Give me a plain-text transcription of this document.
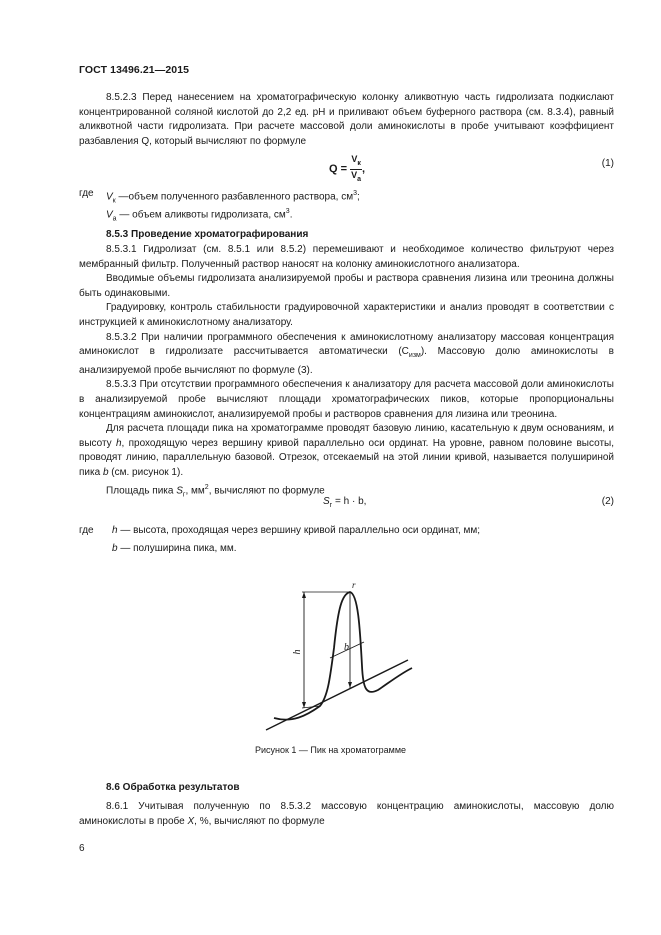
ГОСТ 13496.21—2015

8.5.2.3 Перед нанесением на хроматографическую колонку аликвотную часть гидролизата подкислают концентрированной соляной кислотой до 2,2 ед. рН и приливают объем буферного раствора (см. 8.3.4), равный аликвотной части гидролизата. При расчете массовой доли аминокислоты в пробе учитывают коэффициент разбавления Q, который вычисляют по формуле

Q =
$V_к$
$V_а$
,	(1)
где $V_к$ —объем полученного разбавленного раствора, $см^3$;
$V_а$ — объем аликвоты гидролизата, $см^3$.
8.5.3 Проведение хроматографирования

8.5.3.1 Гидролизат (см. 8.5.1 или 8.5.2) перемешивают и необходимое количество фильтруют через мембранный фильтр. Полученный раствор наносят на колонку аминокислотного анализатора.

Вводимые объемы гидролизата анализируемой пробы и раствора сравнения лизина или треонина должны быть одинаковыми.

Градуировку, контроль стабильности градуировочной характеристики и анализ проводят в соответствии с инструкцией к аминокислотному анализатору.

8.5.3.2 При наличии программного обеспечения к аминокислотному анализатору массовая концентрация аминокислот в гидролизате рассчитывается автоматически $(С_{изм})$. Массовую долю аминокислоты в анализируемой пробе вычисляют по формуле (3).

8.5.3.3 При отсутствии программного обеспечения к анализатору для расчета массовой доли аминокислоты в анализируемой пробе вычисляют площади хроматографических пиков, которые пропорциональны концентрациям аминокислот, анализируемой пробы и растворов сравнения для лизина или треонина.

Для расчета площади пика на хроматограмме проводят базовую линию, касательную к двум основаниям, и высоту h, проходящую через вершину кривой параллельно оси ординат. На уровне, равном половине высоты, проводят линию, параллельную базовой. Отрезок, отсекаемый на этой линии кривой, называется полушириной пика b (см. рисунок 1).

Площадь пика $S_г$, $мм^2$, вычисляют по формуле

$S_г = h \cdot b$,	(2)
где h — высота, проходящая через вершину кривой параллельно оси ординат, мм;
b — полуширина пика, мм.
h	b
r
Рисунок 1 — Пик на хроматограмме
8.6 Обработка результатов

8.6.1 Учитывая полученную по 8.5.3.2 массовую концентрацию аминокислоты, массовую долю аминокислоты в пробе X, %, вычисляют по формуле

6
